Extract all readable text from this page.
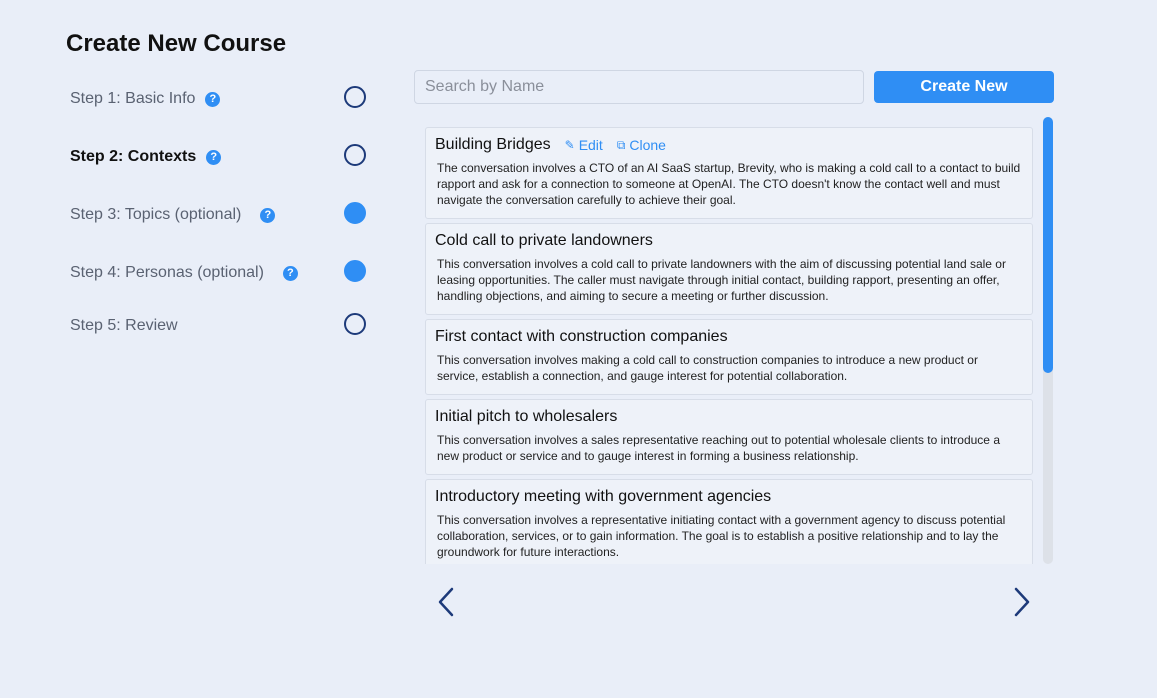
Create New Course
Step 1: Basic Info	?
Step 2: Contexts	?
Step 3: Topics (optional)	?
Step 4: Personas (optional)	?
Step 5: Review
Search by Name
Create New
Building Bridges ✎ Edit ⧉ Clone
The conversation involves a CTO of an AI SaaS startup, Brevity, who is making a cold call to a contact to build rapport and ask for a connection to someone at OpenAI. The CTO doesn't know the contact well and must navigate the conversation carefully to achieve their goal.
Cold call to private landowners
This conversation involves a cold call to private landowners with the aim of discussing potential land sale or leasing opportunities. The caller must navigate through initial contact, building rapport, presenting an offer, handling objections, and aiming to secure a meeting or further discussion.
First contact with construction companies
This conversation involves making a cold call to construction companies to introduce a new product or service, establish a connection, and gauge interest for potential collaboration.
Initial pitch to wholesalers
This conversation involves a sales representative reaching out to potential wholesale clients to introduce a new product or service and to gauge interest in forming a business relationship.
Introductory meeting with government agencies
This conversation involves a representative initiating contact with a government agency to discuss potential collaboration, services, or to gain information. The goal is to establish a positive relationship and to lay the groundwork for future interactions.
